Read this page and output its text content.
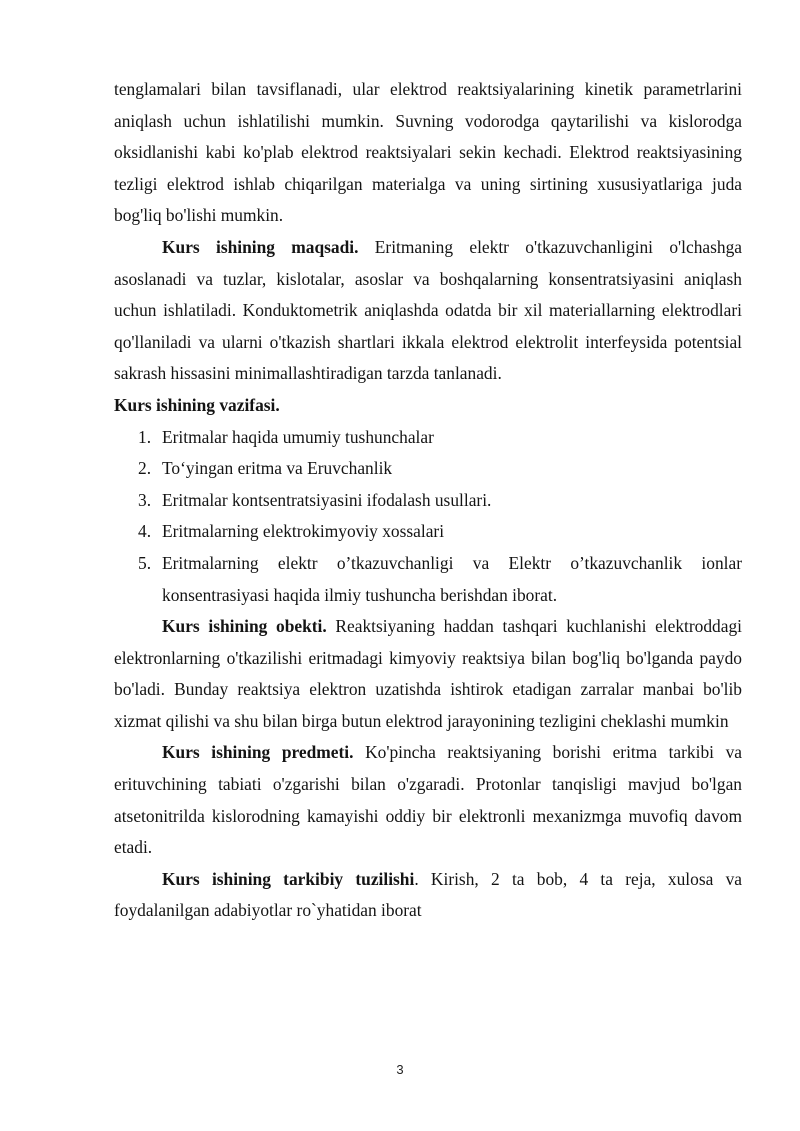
tenglamalari bilan tavsiflanadi, ular elektrod reaktsiyalarining kinetik parametrlarini aniqlash uchun ishlatilishi mumkin. Suvning vodorodga qaytarilishi va kislorodga oksidlanishi kabi ko'plab elektrod reaktsiyalari sekin kechadi. Elektrod reaktsiyasining tezligi elektrod ishlab chiqarilgan materialga va uning sirtining xususiyatlariga juda bog'liq bo'lishi mumkin.

Kurs ishining maqsadi. Eritmaning elektr o'tkazuvchanligini o'lchashga asoslanadi va tuzlar, kislotalar, asoslar va boshqalarning konsentratsiyasini aniqlash uchun ishlatiladi. Konduktometrik aniqlashda odatda bir xil materiallarning elektrodlari qo'llaniladi va ularni o'tkazish shartlari ikkala elektrod elektrolit interfeysida potentsial sakrash hissasini minimallashtiradigan tarzda tanlanadi.

Kurs ishining vazifasi.

1. Eritmalar haqida umumiy tushunchalar
2. To‘yingan eritma va Eruvchanlik
3. Eritmalar kontsentratsiyasini ifodalash usullari.
4. Eritmalarning elektrokimyoviy xossalari
5. Eritmalarning elektr o’tkazuvchanligi va Elektr o’tkazuvchanlik ionlar konsentrasiyasi haqida ilmiy tushuncha berishdan iborat.

Kurs ishining obekti. Reaktsiyaning haddan tashqari kuchlanishi elektroddagi elektronlarning o'tkazilishi eritmadagi kimyoviy reaktsiya bilan bog'liq bo'lganda paydo bo'ladi. Bunday reaktsiya elektron uzatishda ishtirok etadigan zarralar manbai bo'lib xizmat qilishi va shu bilan birga butun elektrod jarayonining tezligini cheklashi mumkin

Kurs ishining predmeti. Ko'pincha reaktsiyaning borishi eritma tarkibi va erituvchining tabiati o'zgarishi bilan o'zgaradi. Protonlar tanqisligi mavjud bo'lgan atsetonitrilda kislorodning kamayishi oddiy bir elektronli mexanizmga muvofiq davom etadi.

Kurs ishining tarkibiy tuzilishi. Kirish, 2 ta bob, 4 ta reja, xulosa va foydalanilgan adabiyotlar ro`yhatidan iborat

3
